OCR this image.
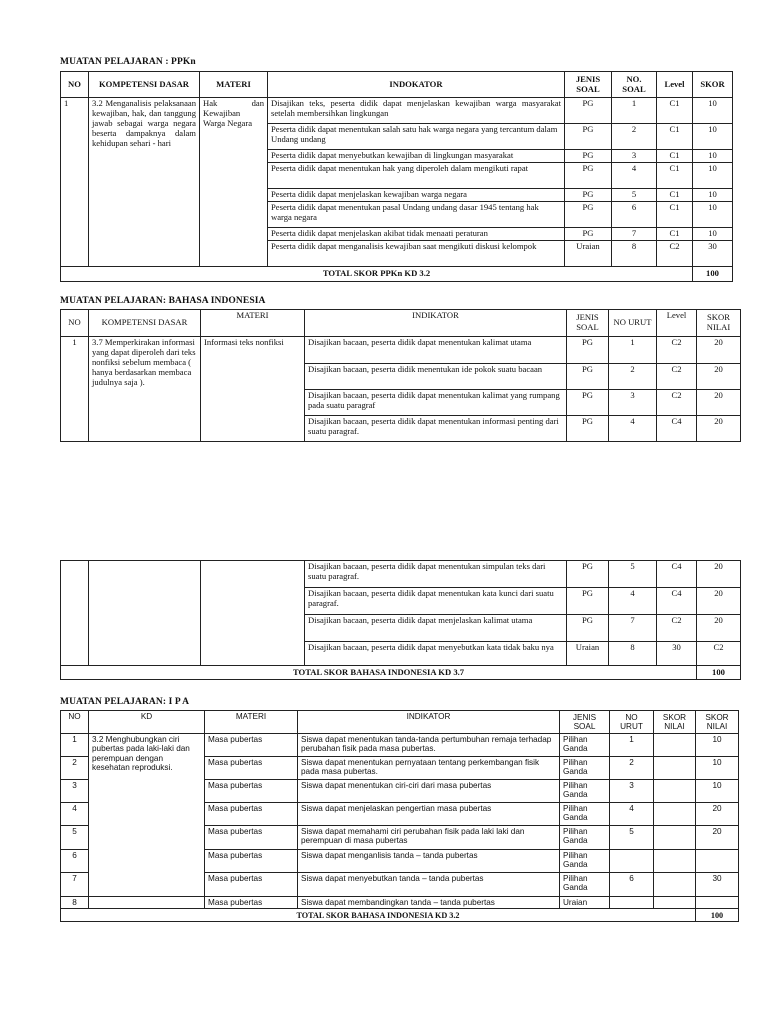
MUATAN PELAJARAN : PPKn
NO	KOMPETENSI DASAR	MATERI	INDOKATOR	JENIS SOAL	NO. SOAL	Level	SKOR
1	3.2 Menganalisis pelaksanaan kewajiban, hak, dan tanggung jawab sebagai warga negara beserta dampaknya dalam kehidupan sehari - hari	Hak dan Kewajiban Warga Negara	Disajikan teks, peserta didik dapat menjelaskan kewajiban warga masyarakat setelah membersihkan lingkungan	PG	1	C1	10
			Peserta didik dapat menentukan salah satu hak warga negara yang tercantum dalam Undang undang	PG	2	C1	10
			Peserta didik dapat menyebutkan kewajiban di lingkungan masyarakat	PG	3	C1	10
			Peserta didik dapat menentukan hak yang diperoleh dalam mengikuti rapat	PG	4	C1	10
			Peserta didik dapat menjelaskan kewajiban warga negara	PG	5	C1	10
			Peserta didik dapat menentukan pasal Undang undang dasar 1945 tentang hak warga negara	PG	6	C1	10
			Peserta didik dapat menjelaskan akibat tidak menaati peraturan	PG	7	C1	10
			Peserta didik dapat menganalisis kewajiban saat mengikuti diskusi kelompok	Uraian	8	C2	30
TOTAL SKOR PPKn KD 3.2							100
MUATAN PELAJARAN: BAHASA INDONESIA
NO	KOMPETENSI DASAR	MATERI	INDIKATOR	JENIS SOAL	NO URUT	Level	SKOR NILAI
1	3.7 Memperkirakan informasi yang dapat diperoleh dari teks nonfiksi sebelum membaca ( hanya berdasarkan membaca judulnya saja ).	Informasi teks nonfiksi	Disajikan bacaan, peserta didik dapat menentukan kalimat utama	PG	1	C2	20
			Disajikan bacaan, peserta didik menentukan ide pokok suatu bacaan	PG	2	C2	20
			Disajikan bacaan, peserta didik dapat menentukan kalimat yang rumpang pada suatu paragraf	PG	3	C2	20
			Disajikan bacaan, peserta didik dapat menentukan informasi penting dari suatu paragraf.	PG	4	C4	20
			Disajikan bacaan, peserta didik dapat menentukan simpulan teks dari suatu paragraf.	PG	5	C4	20
			Disajikan bacaan, peserta didik dapat menentukan kata kunci dari suatu paragraf.	PG	4	C4	20
			Disajikan bacaan, peserta didik dapat menjelaskan kalimat utama	PG	7	C2	20
			Disajikan bacaan, peserta didik dapat menyebutkan kata tidak baku nya	Uraian	8	30	C2
TOTAL SKOR BAHASA INDONESIA KD 3.7							100
MUATAN PELAJARAN: I P A
NO	KD	MATERI	INDIKATOR	JENIS SOAL	NO URUT	SKOR NILAI	SKOR NILAI
1	3.2 Menghubungkan ciri pubertas pada laki-laki dan perempuan dengan kesehatan reproduksi.	Masa pubertas	Siswa dapat menentukan tanda-tanda pertumbuhan remaja terhadap perubahan fisik pada masa pubertas.	Pilihan Ganda	1		10
2		Masa pubertas	Siswa dapat menentukan pernyataan tentang perkembangan fisik pada masa pubertas.	Pilihan Ganda	2		10
3		Masa pubertas	Siswa dapat menentukan ciri-ciri dari masa pubertas	Pilihan Ganda	3		10
4		Masa pubertas	Siswa dapat menjelaskan pengertian masa pubertas	Pilihan Ganda	4		20
5		Masa pubertas	Siswa dapat memahami ciri perubahan fisik pada laki laki dan perempuan di masa pubertas	Pilihan Ganda	5		20
6		Masa pubertas	Siswa dapat menganlisis tanda – tanda pubertas	Pilihan Ganda			
7		Masa pubertas	Siswa dapat menyebutkan tanda – tanda pubertas	Pilihan Ganda	6		30
8		Masa pubertas	Siswa dapat membandingkan tanda – tanda pubertas	Uraian			
TOTAL SKOR BAHASA INDONESIA KD 3.2							100
